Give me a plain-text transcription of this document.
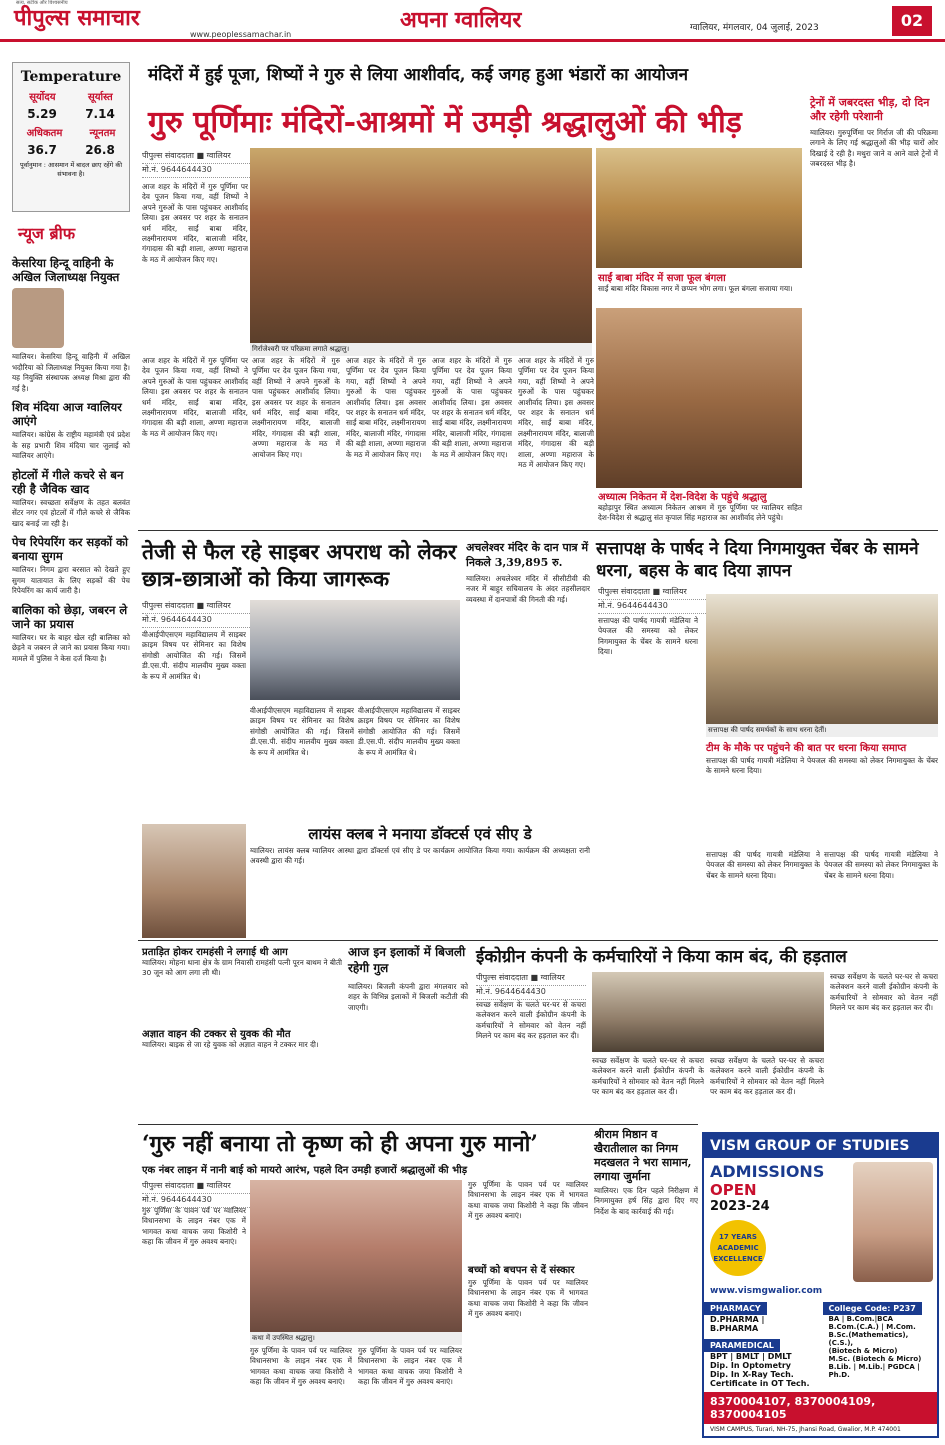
सत्य, सटीक और विश्वसनीय
पीपुल्स समाचार
www.peoplessamachar.in
अपना ग्वालियर	ग्वालियर, मंगलवार, 04 जुलाई, 2023	02
Temperature
सूर्योदय	सूर्यास्त
5.29 7.14
अधिकतम	न्यूनतम
36.7 26.8
पूर्वानुमान : आसमान में बादल छाए रहेंगे की संभावना है।
न्यूज ब्रीफ
केसरिया हिन्दू वाहिनी के अखिल जिलाध्यक्ष नियुक्त
ग्वालियर। केसरिया हिन्दू वाहिनी में अखिल भदौरिया को जिलाध्यक्ष नियुक्त किया गया है। यह नियुक्ति संस्थापक अध्यक्ष मिश्रा द्वारा की गई है।
शिव मंदिया आज ग्वालियर आएंगे
ग्वालियर। कांग्रेस के राष्ट्रीय महामंत्री एवं प्रदेश के सह प्रभारी शिव मंदिया चार जुलाई को ग्वालियर आएंगे।
होटलों में गीले कचरे से बन रही है जैविक खाद
ग्वालियर। स्वच्छता सर्वेक्षण के तहत बलवंत सेंटर नगर एवं होटलों में गीले कचरे से जैविक खाद बनाई जा रही है।
पेच रिपेयरिंग कर सड़कों को बनाया सुगम
ग्वालियर। निगम द्वारा बरसात को देखते हुए सुगम यातायात के लिए सड़कों की पेच रिपेयरिंग का कार्य जारी है।
बालिका को छेड़ा, जबरन ले जाने का प्रयास
ग्वालियर। घर के बाहर खेल रही बालिका को छेड़ने व जबरन ले जाने का प्रयास किया गया। मामले में पुलिस ने केस दर्ज किया है।
मंदिरों में हुई पूजा, शिष्यों ने गुरु से लिया आशीर्वाद, कई जगह हुआ भंडारों का आयोजन
गुरु पूर्णिमाः मंदिरों-आश्रमों में उमड़ी श्रद्धालुओं की भीड़
पीपुल्स संवाददाता ■ ग्वालियर
मो.नं. 9644644430
गिर्राजेश्वरी पर परिक्रमा लगाते श्रद्धालु।
आज शहर के मंदिरों में गुरु पूर्णिमा पर देव पूजन किया गया, वहीं शिष्यों ने अपने गुरुओं के पास पहुंचकर आशीर्वाद लिया। इस अवसर पर शहर के सनातन धर्म मंदिर, साईं बाबा मंदिर, लक्ष्मीनारायण मंदिर, बालाजी मंदिर, गंगादास की बड़ी शाला, अण्णा महाराज के मठ में आयोजन किए गए।
आज शहर के मंदिरों में गुरु पूर्णिमा पर देव पूजन किया गया, वहीं शिष्यों ने अपने गुरुओं के पास पहुंचकर आशीर्वाद लिया। इस अवसर पर शहर के सनातन धर्म मंदिर, साईं बाबा मंदिर, लक्ष्मीनारायण मंदिर, बालाजी मंदिर, गंगादास की बड़ी शाला, अण्णा महाराज के मठ में आयोजन किए गए।
आज शहर के मंदिरों में गुरु पूर्णिमा पर देव पूजन किया गया, वहीं शिष्यों ने अपने गुरुओं के पास पहुंचकर आशीर्वाद लिया। इस अवसर पर शहर के सनातन धर्म मंदिर, साईं बाबा मंदिर, लक्ष्मीनारायण मंदिर, बालाजी मंदिर, गंगादास की बड़ी शाला, अण्णा महाराज के मठ में आयोजन किए गए।
आज शहर के मंदिरों में गुरु पूर्णिमा पर देव पूजन किया गया, वहीं शिष्यों ने अपने गुरुओं के पास पहुंचकर आशीर्वाद लिया। इस अवसर पर शहर के सनातन धर्म मंदिर, साईं बाबा मंदिर, लक्ष्मीनारायण मंदिर, बालाजी मंदिर, गंगादास की बड़ी शाला, अण्णा महाराज के मठ में आयोजन किए गए।
आज शहर के मंदिरों में गुरु पूर्णिमा पर देव पूजन किया गया, वहीं शिष्यों ने अपने गुरुओं के पास पहुंचकर आशीर्वाद लिया। इस अवसर पर शहर के सनातन धर्म मंदिर, साईं बाबा मंदिर, लक्ष्मीनारायण मंदिर, बालाजी मंदिर, गंगादास की बड़ी शाला, अण्णा महाराज के मठ में आयोजन किए गए।
आज शहर के मंदिरों में गुरु पूर्णिमा पर देव पूजन किया गया, वहीं शिष्यों ने अपने गुरुओं के पास पहुंचकर आशीर्वाद लिया। इस अवसर पर शहर के सनातन धर्म मंदिर, साईं बाबा मंदिर, लक्ष्मीनारायण मंदिर, बालाजी मंदिर, गंगादास की बड़ी शाला, अण्णा महाराज के मठ में आयोजन किए गए।
साईं बाबा मंदिर में सजा फूल बंगला
साईं बाबा मंदिर विकास नगर में छप्पन भोग लगा। फूल बंगला सजाया गया।
अध्यात्म निकेतन में देश-विदेश के पहुंचे श्रद्धालु
बहोड़ापुर स्थित अध्यात्म निकेतन आश्रम में गुरु पूर्णिमा पर ग्वालियर सहित देश-विदेश से श्रद्धालु संत कृपाल सिंह महाराज का आशीर्वाद लेने पहुंचे।
ट्रेनों में जबरदस्त भीड़, दो दिन और रहेगी परेशानी
ग्वालियर। गुरुपूर्णिमा पर गिर्राज जी की परिक्रमा लगाने के लिए गई श्रद्धालुओं की भीड़ चारों ओर दिखाई दे रही है। मथुरा जाने व आने वाले ट्रेनों में जबरदस्त भीड़ है।
तेजी से फैल रहे साइबर अपराध को लेकर छात्र-छात्राओं को किया जागरूक
पीपुल्स संवाददाता ■ ग्वालियर
मो.नं. 9644644430
वीआईपीएसएम महाविद्यालय में साइबर क्राइम विषय पर सेमिनार का विशेष संगोष्ठी आयोजित की गई। जिसमें डी.एस.पी. संदीप मालवीय मुख्य वक्ता के रूप में आमंत्रित थे।
वीआईपीएसएम महाविद्यालय में साइबर क्राइम विषय पर सेमिनार का विशेष संगोष्ठी आयोजित की गई। जिसमें डी.एस.पी. संदीप मालवीय मुख्य वक्ता के रूप में आमंत्रित थे।
वीआईपीएसएम महाविद्यालय में साइबर क्राइम विषय पर सेमिनार का विशेष संगोष्ठी आयोजित की गई। जिसमें डी.एस.पी. संदीप मालवीय मुख्य वक्ता के रूप में आमंत्रित थे।
अचलेश्वर मंदिर के दान पात्र में निकले 3,39,895 रु.
ग्वालियर। अचलेश्वर मंदिर में सीसीटीवी की नजर में बाहुर सचिवालय के अंदर तहसीलदार व्यवस्था में दानपात्रों की गिनती की गई।
सत्तापक्ष के पार्षद ने दिया निगमायुक्त चेंबर के सामने धरना, बहस के बाद दिया ज्ञापन
पीपुल्स संवाददाता ■ ग्वालियर
मो.नं. 9644644430
सत्तापक्ष की पार्षद गायत्री मंडेलिया ने पेयजल की समस्या को लेकर निगमायुक्त के चेंबर के सामने धरना दिया।
सत्तापक्ष की पार्षद समर्थकों के साथ धरना देतीं।
टीम के मौके पर पहुंचने की बात पर धरना किया समाप्त
सत्तापक्ष की पार्षद गायत्री मंडेलिया ने पेयजल की समस्या को लेकर निगमायुक्त के चेंबर के सामने धरना दिया।
सत्तापक्ष की पार्षद गायत्री मंडेलिया ने पेयजल की समस्या को लेकर निगमायुक्त के चेंबर के सामने धरना दिया।
सत्तापक्ष की पार्षद गायत्री मंडेलिया ने पेयजल की समस्या को लेकर निगमायुक्त के चेंबर के सामने धरना दिया।
लायंस क्लब ने मनाया डॉक्टर्स एवं सीए डे
ग्वालियर। लायंस क्लब ग्वालियर आस्था द्वारा डॉक्टर्स एवं सीए डे पर कार्यक्रम आयोजित किया गया। कार्यक्रम की अध्यक्षता रानी अवस्थी द्वारा की गई।
प्रताड़ित होकर रामहंसी ने लगाई थी आग
ग्वालियर। मोहना थाना क्षेत्र के ग्राम निवासी रामहंसी पत्नी पूरन बाथम ने बीती 30 जून को आग लगा ली थी।
अज्ञात वाहन की टक्कर से युवक की मौत
ग्वालियर। बाइक से जा रहे युवक को अज्ञात वाहन ने टक्कर मार दी।
आज इन इलाकों में बिजली रहेगी गुल
ग्वालियर। बिजली कंपनी द्वारा मंगलवार को शहर के विभिन्न इलाकों में बिजली कटौती की जाएगी।
ईकोग्रीन कंपनी के कर्मचारियों ने किया काम बंद, की हड़ताल
पीपुल्स संवाददाता ■ ग्वालियर
मो.नं. 9644644430
स्वच्छ सर्वेक्षण के चलते घर-घर से कचरा कलेक्शन करने वाली ईकोग्रीन कंपनी के कर्मचारियों ने सोमवार को वेतन नहीं मिलने पर काम बंद कर हड़ताल कर दी।
स्वच्छ सर्वेक्षण के चलते घर-घर से कचरा कलेक्शन करने वाली ईकोग्रीन कंपनी के कर्मचारियों ने सोमवार को वेतन नहीं मिलने पर काम बंद कर हड़ताल कर दी।
स्वच्छ सर्वेक्षण के चलते घर-घर से कचरा कलेक्शन करने वाली ईकोग्रीन कंपनी के कर्मचारियों ने सोमवार को वेतन नहीं मिलने पर काम बंद कर हड़ताल कर दी।
स्वच्छ सर्वेक्षण के चलते घर-घर से कचरा कलेक्शन करने वाली ईकोग्रीन कंपनी के कर्मचारियों ने सोमवार को वेतन नहीं मिलने पर काम बंद कर हड़ताल कर दी।
‘गुरु नहीं बनाया तो कृष्ण को ही अपना गुरु मानो’
एक नंबर लाइन में नानी बाई को मायरो आरंभ, पहले दिन उमड़ी हजारों श्रद्धालुओं की भीड़
पीपुल्स संवाददाता ■ ग्वालियर
मो.नं. 9644644430
गुरु पूर्णिमा के पावन पर्व पर ग्वालियर विधानसभा के लाइन नंबर एक में भागवत कथा वाचक जया किशोरी ने कहा कि जीवन में गुरु अवश्य बनाएं।
कथा में उपस्थित श्रद्धालु।
गुरु पूर्णिमा के पावन पर्व पर ग्वालियर विधानसभा के लाइन नंबर एक में भागवत कथा वाचक जया किशोरी ने कहा कि जीवन में गुरु अवश्य बनाएं।
गुरु पूर्णिमा के पावन पर्व पर ग्वालियर विधानसभा के लाइन नंबर एक में भागवत कथा वाचक जया किशोरी ने कहा कि जीवन में गुरु अवश्य बनाएं।
गुरु पूर्णिमा के पावन पर्व पर ग्वालियर विधानसभा के लाइन नंबर एक में भागवत कथा वाचक जया किशोरी ने कहा कि जीवन में गुरु अवश्य बनाएं।
बच्चों को बचपन से दें संस्कार
गुरु पूर्णिमा के पावन पर्व पर ग्वालियर विधानसभा के लाइन नंबर एक में भागवत कथा वाचक जया किशोरी ने कहा कि जीवन में गुरु अवश्य बनाएं।
श्रीराम मिष्ठान व खैरातीलाल का निगम मदखलत ने भरा सामान, लगाया जुर्माना
ग्वालियर। एक दिन पहले निरीक्षण में निगमायुक्त हर्ष सिंह द्वारा दिए गए निर्देश के बाद कार्रवाई की गई।
VISM GROUP OF STUDIES
ADMISSIONS
OPEN
2023-24
17 YEARS ACADEMIC EXCELLENCE
www.vismgwalior.com
PHARMACY
D.PHARMA | B.PHARMA
PARAMEDICAL
BPT | BMLT | DMLT
Dip. In Optometry
Dip. In X-Ray Tech.
Certificate in OT Tech.
College Code: P237
BA | B.Com.|BCA
B.Com.(C.A.) | M.Com.
B.Sc.(Mathematics), (C.S.),
(Biotech & Micro)
M.Sc. (Biotech & Micro)
B.Lib. | M.Lib.| PGDCA | Ph.D.
8370004107, 8370004109, 8370004105
VISM CAMPUS, Turari, NH-75, Jhansi Road, Gwalior, M.P. 474001
